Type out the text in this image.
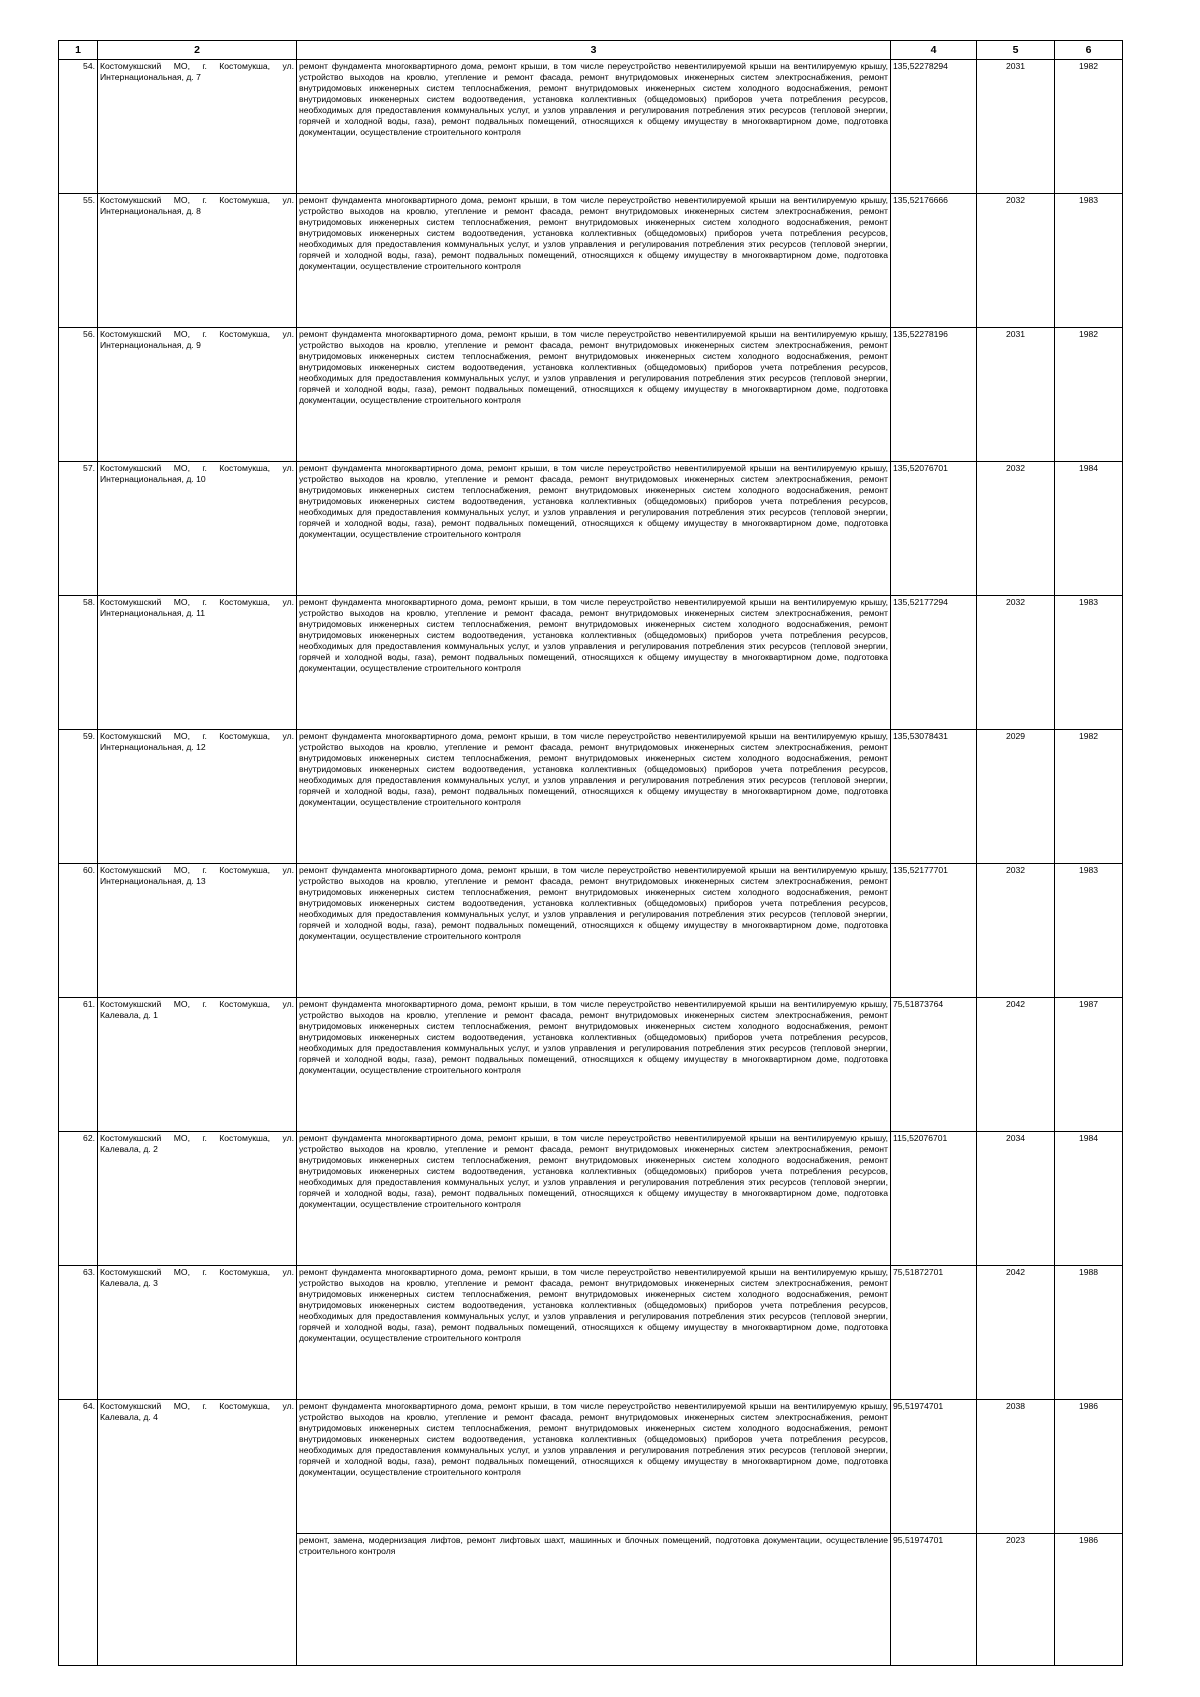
1	2	3	4	5	6
54.	Костомукшский МО, г. Костомукша, ул. Интернациональная, д. 7	ремонт фундамента многоквартирного дома, ремонт крыши, в том числе переустройство невентилируемой крыши на вентилируемую крышу, устройство выходов на кровлю, утепление и ремонт фасада, ремонт внутридомовых инженерных систем электроснабжения, ремонт внутридомовых инженерных систем теплоснабжения, ремонт внутридомовых инженерных систем холодного водоснабжения, ремонт внутридомовых инженерных систем водоотведения, установка коллективных (общедомовых) приборов учета потребления ресурсов, необходимых для предоставления коммунальных услуг, и узлов управления и регулирования потребления этих ресурсов (тепловой энергии, горячей и холодной воды, газа), ремонт подвальных помещений, относящихся к общему имуществу в многоквартирном доме, подготовка документации, осуществление строительного контроля	135,52278294	2031	1982
55.	Костомукшский МО, г. Костомукша, ул. Интернациональная, д. 8	ремонт фундамента многоквартирного дома, ремонт крыши, в том числе переустройство невентилируемой крыши на вентилируемую крышу, устройство выходов на кровлю, утепление и ремонт фасада, ремонт внутридомовых инженерных систем электроснабжения, ремонт внутридомовых инженерных систем теплоснабжения, ремонт внутридомовых инженерных систем холодного водоснабжения, ремонт внутридомовых инженерных систем водоотведения, установка коллективных (общедомовых) приборов учета потребления ресурсов, необходимых для предоставления коммунальных услуг, и узлов управления и регулирования потребления этих ресурсов (тепловой энергии, горячей и холодной воды, газа), ремонт подвальных помещений, относящихся к общему имуществу в многоквартирном доме, подготовка документации, осуществление строительного контроля	135,52176666	2032	1983
56.	Костомукшский МО, г. Костомукша, ул. Интернациональная, д. 9	ремонт фундамента многоквартирного дома, ремонт крыши, в том числе переустройство невентилируемой крыши на вентилируемую крышу, устройство выходов на кровлю, утепление и ремонт фасада, ремонт внутридомовых инженерных систем электроснабжения, ремонт внутридомовых инженерных систем теплоснабжения, ремонт внутридомовых инженерных систем холодного водоснабжения, ремонт внутридомовых инженерных систем водоотведения, установка коллективных (общедомовых) приборов учета потребления ресурсов, необходимых для предоставления коммунальных услуг, и узлов управления и регулирования потребления этих ресурсов (тепловой энергии, горячей и холодной воды, газа), ремонт подвальных помещений, относящихся к общему имуществу в многоквартирном доме, подготовка документации, осуществление строительного контроля	135,52278196	2031	1982
57.	Костомукшский МО, г. Костомукша, ул. Интернациональная, д. 10	ремонт фундамента многоквартирного дома, ремонт крыши, в том числе переустройство невентилируемой крыши на вентилируемую крышу, устройство выходов на кровлю, утепление и ремонт фасада, ремонт внутридомовых инженерных систем электроснабжения, ремонт внутридомовых инженерных систем теплоснабжения, ремонт внутридомовых инженерных систем холодного водоснабжения, ремонт внутридомовых инженерных систем водоотведения, установка коллективных (общедомовых) приборов учета потребления ресурсов, необходимых для предоставления коммунальных услуг, и узлов управления и регулирования потребления этих ресурсов (тепловой энергии, горячей и холодной воды, газа), ремонт подвальных помещений, относящихся к общему имуществу в многоквартирном доме, подготовка документации, осуществление строительного контроля	135,52076701	2032	1984
58.	Костомукшский МО, г. Костомукша, ул. Интернациональная, д. 11	ремонт фундамента многоквартирного дома, ремонт крыши, в том числе переустройство невентилируемой крыши на вентилируемую крышу, устройство выходов на кровлю, утепление и ремонт фасада, ремонт внутридомовых инженерных систем электроснабжения, ремонт внутридомовых инженерных систем теплоснабжения, ремонт внутридомовых инженерных систем холодного водоснабжения, ремонт внутридомовых инженерных систем водоотведения, установка коллективных (общедомовых) приборов учета потребления ресурсов, необходимых для предоставления коммунальных услуг, и узлов управления и регулирования потребления этих ресурсов (тепловой энергии, горячей и холодной воды, газа), ремонт подвальных помещений, относящихся к общему имуществу в многоквартирном доме, подготовка документации, осуществление строительного контроля	135,52177294	2032	1983
59.	Костомукшский МО, г. Костомукша, ул. Интернациональная, д. 12	ремонт фундамента многоквартирного дома, ремонт крыши, в том числе переустройство невентилируемой крыши на вентилируемую крышу, устройство выходов на кровлю, утепление и ремонт фасада, ремонт внутридомовых инженерных систем электроснабжения, ремонт внутридомовых инженерных систем теплоснабжения, ремонт внутридомовых инженерных систем холодного водоснабжения, ремонт внутридомовых инженерных систем водоотведения, установка коллективных (общедомовых) приборов учета потребления ресурсов, необходимых для предоставления коммунальных услуг, и узлов управления и регулирования потребления этих ресурсов (тепловой энергии, горячей и холодной воды, газа), ремонт подвальных помещений, относящихся к общему имуществу в многоквартирном доме, подготовка документации, осуществление строительного контроля	135,53078431	2029	1982
60.	Костомукшский МО, г. Костомукша, ул. Интернациональная, д. 13	ремонт фундамента многоквартирного дома, ремонт крыши, в том числе переустройство невентилируемой крыши на вентилируемую крышу, устройство выходов на кровлю, утепление и ремонт фасада, ремонт внутридомовых инженерных систем электроснабжения, ремонт внутридомовых инженерных систем теплоснабжения, ремонт внутридомовых инженерных систем холодного водоснабжения, ремонт внутридомовых инженерных систем водоотведения, установка коллективных (общедомовых) приборов учета потребления ресурсов, необходимых для предоставления коммунальных услуг, и узлов управления и регулирования потребления этих ресурсов (тепловой энергии, горячей и холодной воды, газа), ремонт подвальных помещений, относящихся к общему имуществу в многоквартирном доме, подготовка документации, осуществление строительного контроля	135,52177701	2032	1983
61.	Костомукшский МО, г. Костомукша, ул. Калевала, д. 1	ремонт фундамента многоквартирного дома, ремонт крыши, в том числе переустройство невентилируемой крыши на вентилируемую крышу, устройство выходов на кровлю, утепление и ремонт фасада, ремонт внутридомовых инженерных систем электроснабжения, ремонт внутридомовых инженерных систем теплоснабжения, ремонт внутридомовых инженерных систем холодного водоснабжения, ремонт внутридомовых инженерных систем водоотведения, установка коллективных (общедомовых) приборов учета потребления ресурсов, необходимых для предоставления коммунальных услуг, и узлов управления и регулирования потребления этих ресурсов (тепловой энергии, горячей и холодной воды, газа), ремонт подвальных помещений, относящихся к общему имуществу в многоквартирном доме, подготовка документации, осуществление строительного контроля	75,51873764	2042	1987
62.	Костомукшский МО, г. Костомукша, ул. Калевала, д. 2	ремонт фундамента многоквартирного дома, ремонт крыши, в том числе переустройство невентилируемой крыши на вентилируемую крышу, устройство выходов на кровлю, утепление и ремонт фасада, ремонт внутридомовых инженерных систем электроснабжения, ремонт внутридомовых инженерных систем теплоснабжения, ремонт внутридомовых инженерных систем холодного водоснабжения, ремонт внутридомовых инженерных систем водоотведения, установка коллективных (общедомовых) приборов учета потребления ресурсов, необходимых для предоставления коммунальных услуг, и узлов управления и регулирования потребления этих ресурсов (тепловой энергии, горячей и холодной воды, газа), ремонт подвальных помещений, относящихся к общему имуществу в многоквартирном доме, подготовка документации, осуществление строительного контроля	115,52076701	2034	1984
63.	Костомукшский МО, г. Костомукша, ул. Калевала, д. 3	ремонт фундамента многоквартирного дома, ремонт крыши, в том числе переустройство невентилируемой крыши на вентилируемую крышу, устройство выходов на кровлю, утепление и ремонт фасада, ремонт внутридомовых инженерных систем электроснабжения, ремонт внутридомовых инженерных систем теплоснабжения, ремонт внутридомовых инженерных систем холодного водоснабжения, ремонт внутридомовых инженерных систем водоотведения, установка коллективных (общедомовых) приборов учета потребления ресурсов, необходимых для предоставления коммунальных услуг, и узлов управления и регулирования потребления этих ресурсов (тепловой энергии, горячей и холодной воды, газа), ремонт подвальных помещений, относящихся к общему имуществу в многоквартирном доме, подготовка документации, осуществление строительного контроля	75,51872701	2042	1988
64.	Костомукшский МО, г. Костомукша, ул. Калевала, д. 4	ремонт фундамента многоквартирного дома, ремонт крыши, в том числе переустройство невентилируемой крыши на вентилируемую крышу, устройство выходов на кровлю, утепление и ремонт фасада, ремонт внутридомовых инженерных систем электроснабжения, ремонт внутридомовых инженерных систем теплоснабжения, ремонт внутридомовых инженерных систем холодного водоснабжения, ремонт внутридомовых инженерных систем водоотведения, установка коллективных (общедомовых) приборов учета потребления ресурсов, необходимых для предоставления коммунальных услуг, и узлов управления и регулирования потребления этих ресурсов (тепловой энергии, горячей и холодной воды, газа), ремонт подвальных помещений, относящихся к общему имуществу в многоквартирном доме, подготовка документации, осуществление строительного контроля	95,51974701	2038	1986
		ремонт, замена, модернизация лифтов, ремонт лифтовых шахт, машинных и блочных помещений, подготовка документации, осуществление строительного контроля	95,51974701	2023	1986
